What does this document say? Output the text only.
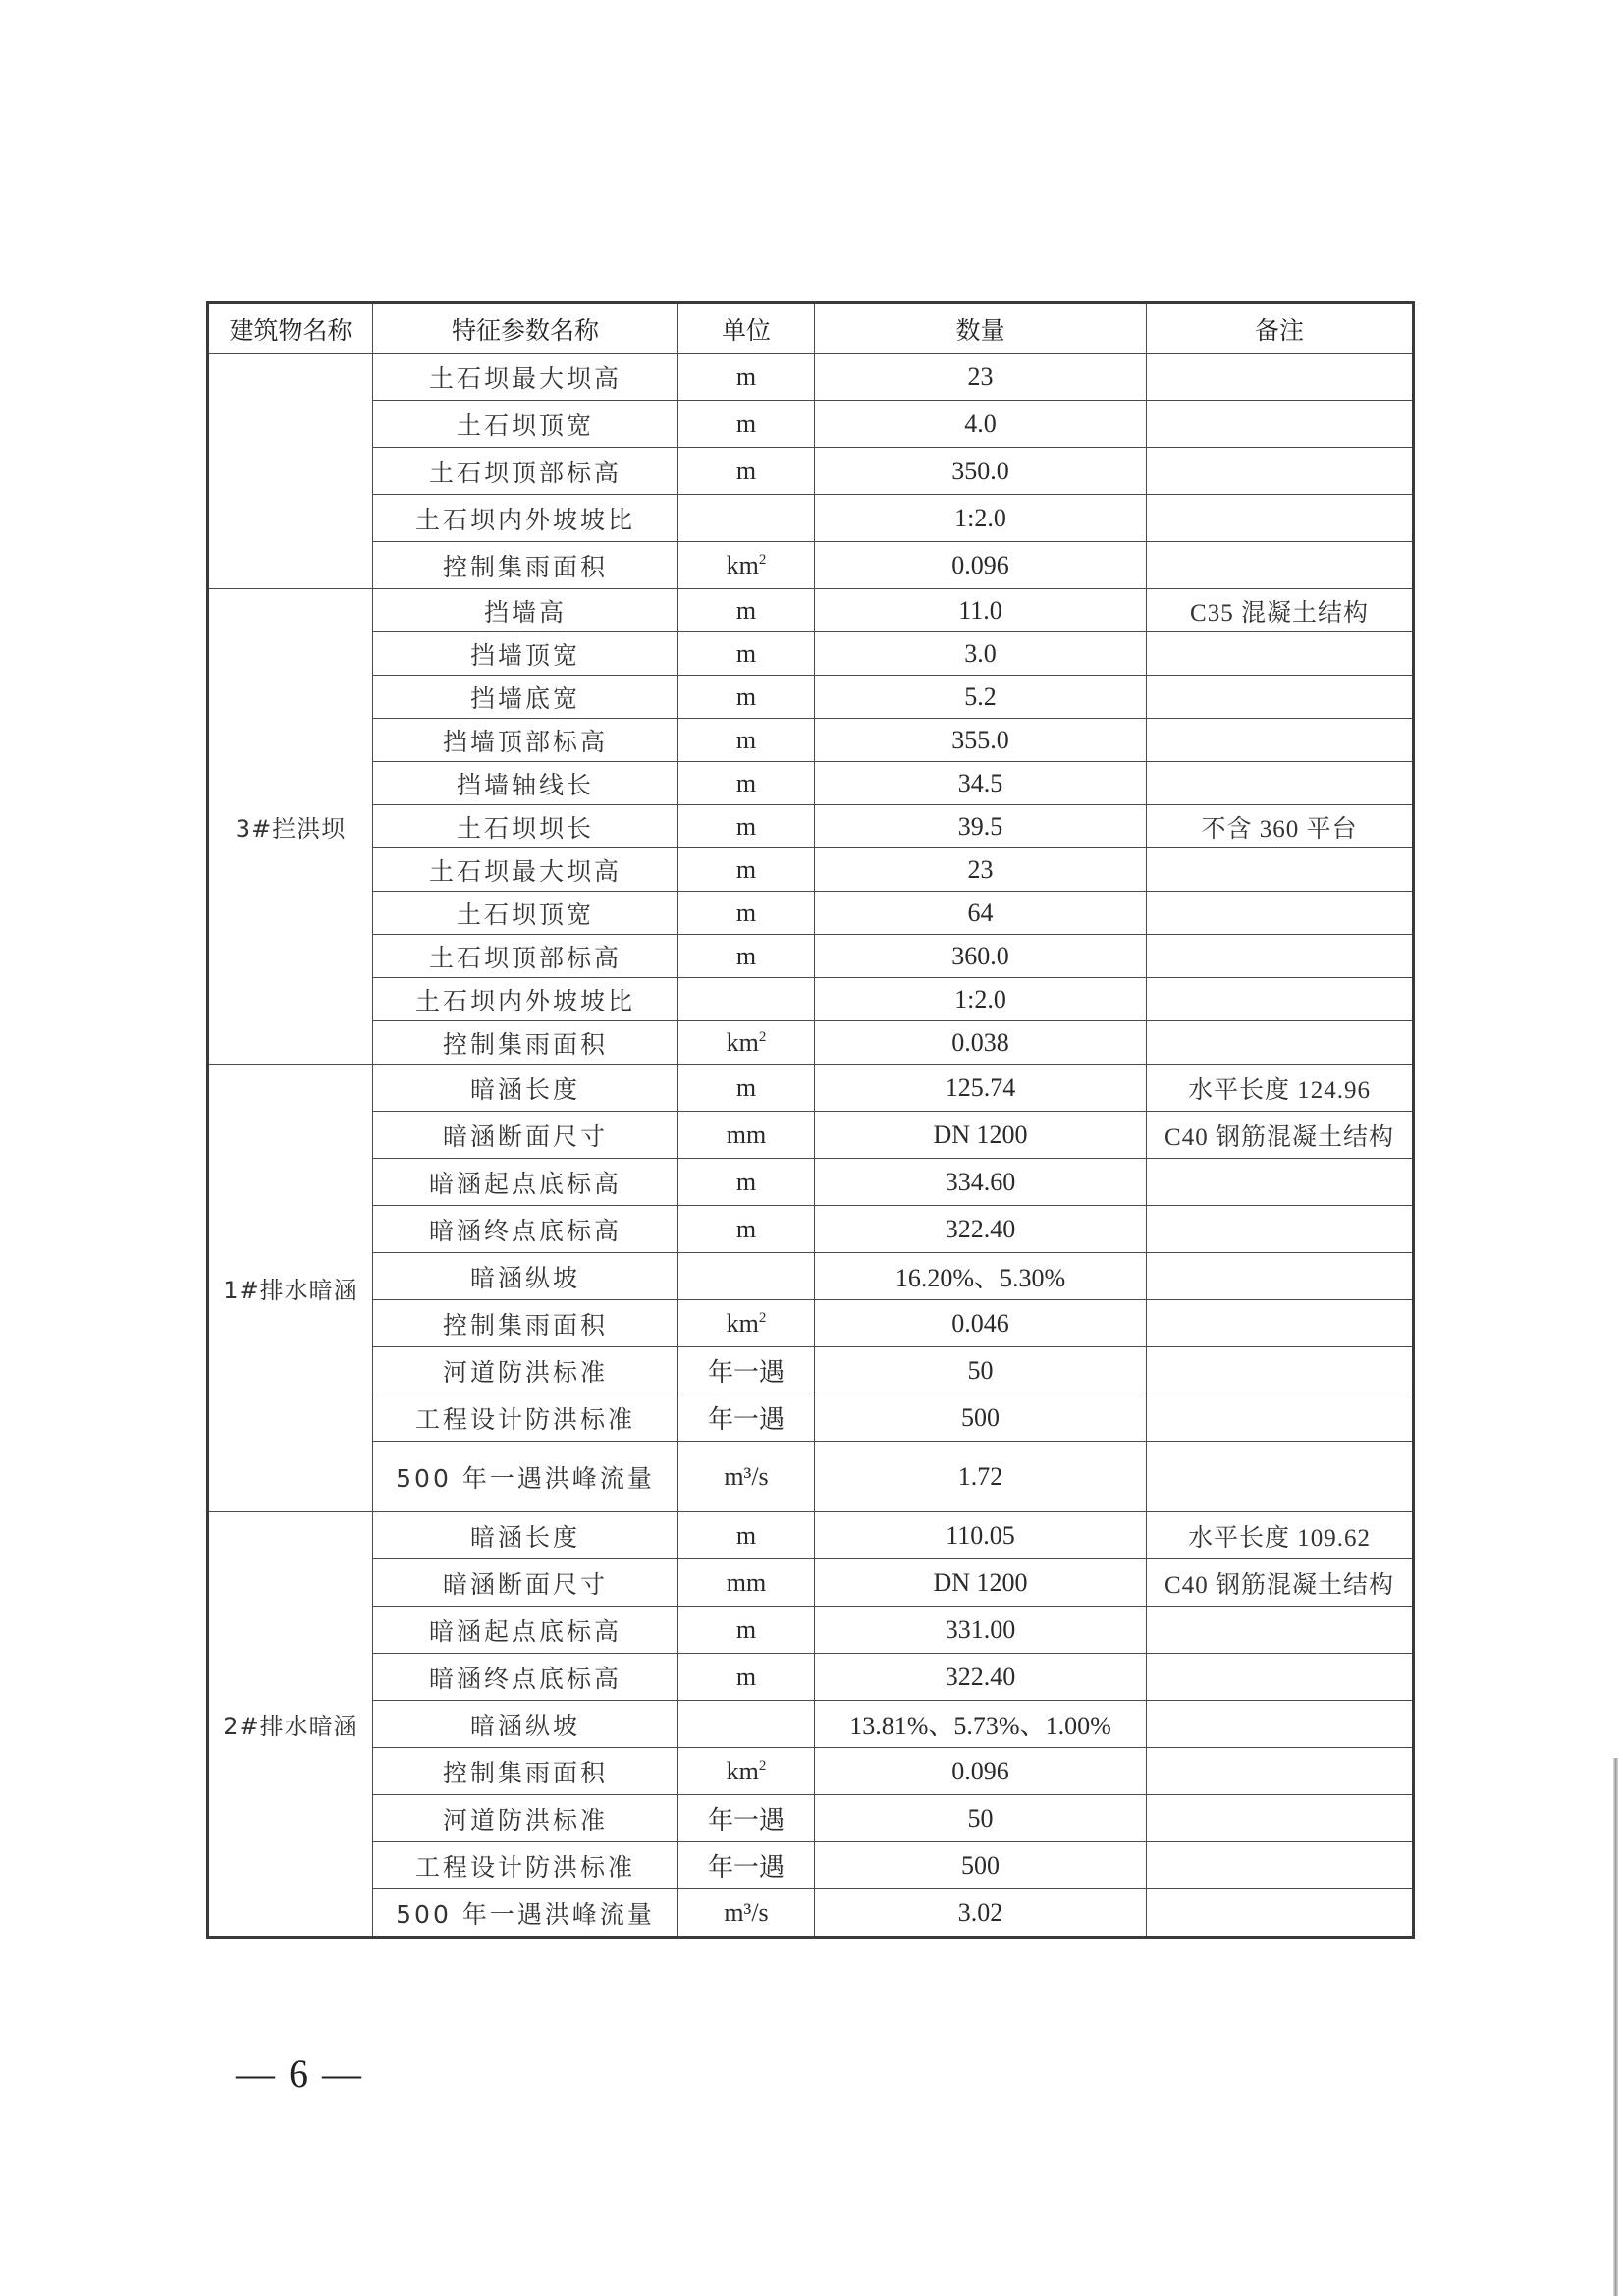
建筑物名称	特征参数名称	单位	数量	备注
	土石坝最大坝高	m	23	
	土石坝顶宽	m	4.0	
	土石坝顶部标高	m	350.0	
	土石坝内外坡坡比		1:2.0	
	控制集雨面积	$km^2$	0.096	
3#拦洪坝	挡墙高	m	11.0	C35 混凝土结构
	挡墙顶宽	m	3.0	
	挡墙底宽	m	5.2	
	挡墙顶部标高	m	355.0	
	挡墙轴线长	m	34.5	
	土石坝坝长	m	39.5	不含 360 平台
	土石坝最大坝高	m	23	
	土石坝顶宽	m	64	
	土石坝顶部标高	m	360.0	
	土石坝内外坡坡比		1:2.0	
	控制集雨面积	$km^2$	0.038	
1#排水暗涵	暗涵长度	m	125.74	水平长度 124.96
	暗涵断面尺寸	mm	DN 1200	C40 钢筋混凝土结构
	暗涵起点底标高	m	334.60	
	暗涵终点底标高	m	322.40	
	暗涵纵坡		16.20%、5.30%	
	控制集雨面积	$km^2$	0.046	
	河道防洪标准	年一遇	50	
	工程设计防洪标准	年一遇	500	
	500 年一遇洪峰流量	m³/s	1.72	
2#排水暗涵	暗涵长度	m	110.05	水平长度 109.62
	暗涵断面尺寸	mm	DN 1200	C40 钢筋混凝土结构
	暗涵起点底标高	m	331.00	
	暗涵终点底标高	m	322.40	
	暗涵纵坡		13.81%、5.73%、1.00%	
	控制集雨面积	$km^2$	0.096	
	河道防洪标准	年一遇	50	
	工程设计防洪标准	年一遇	500	
	500 年一遇洪峰流量	m³/s	3.02	
— 6 —
